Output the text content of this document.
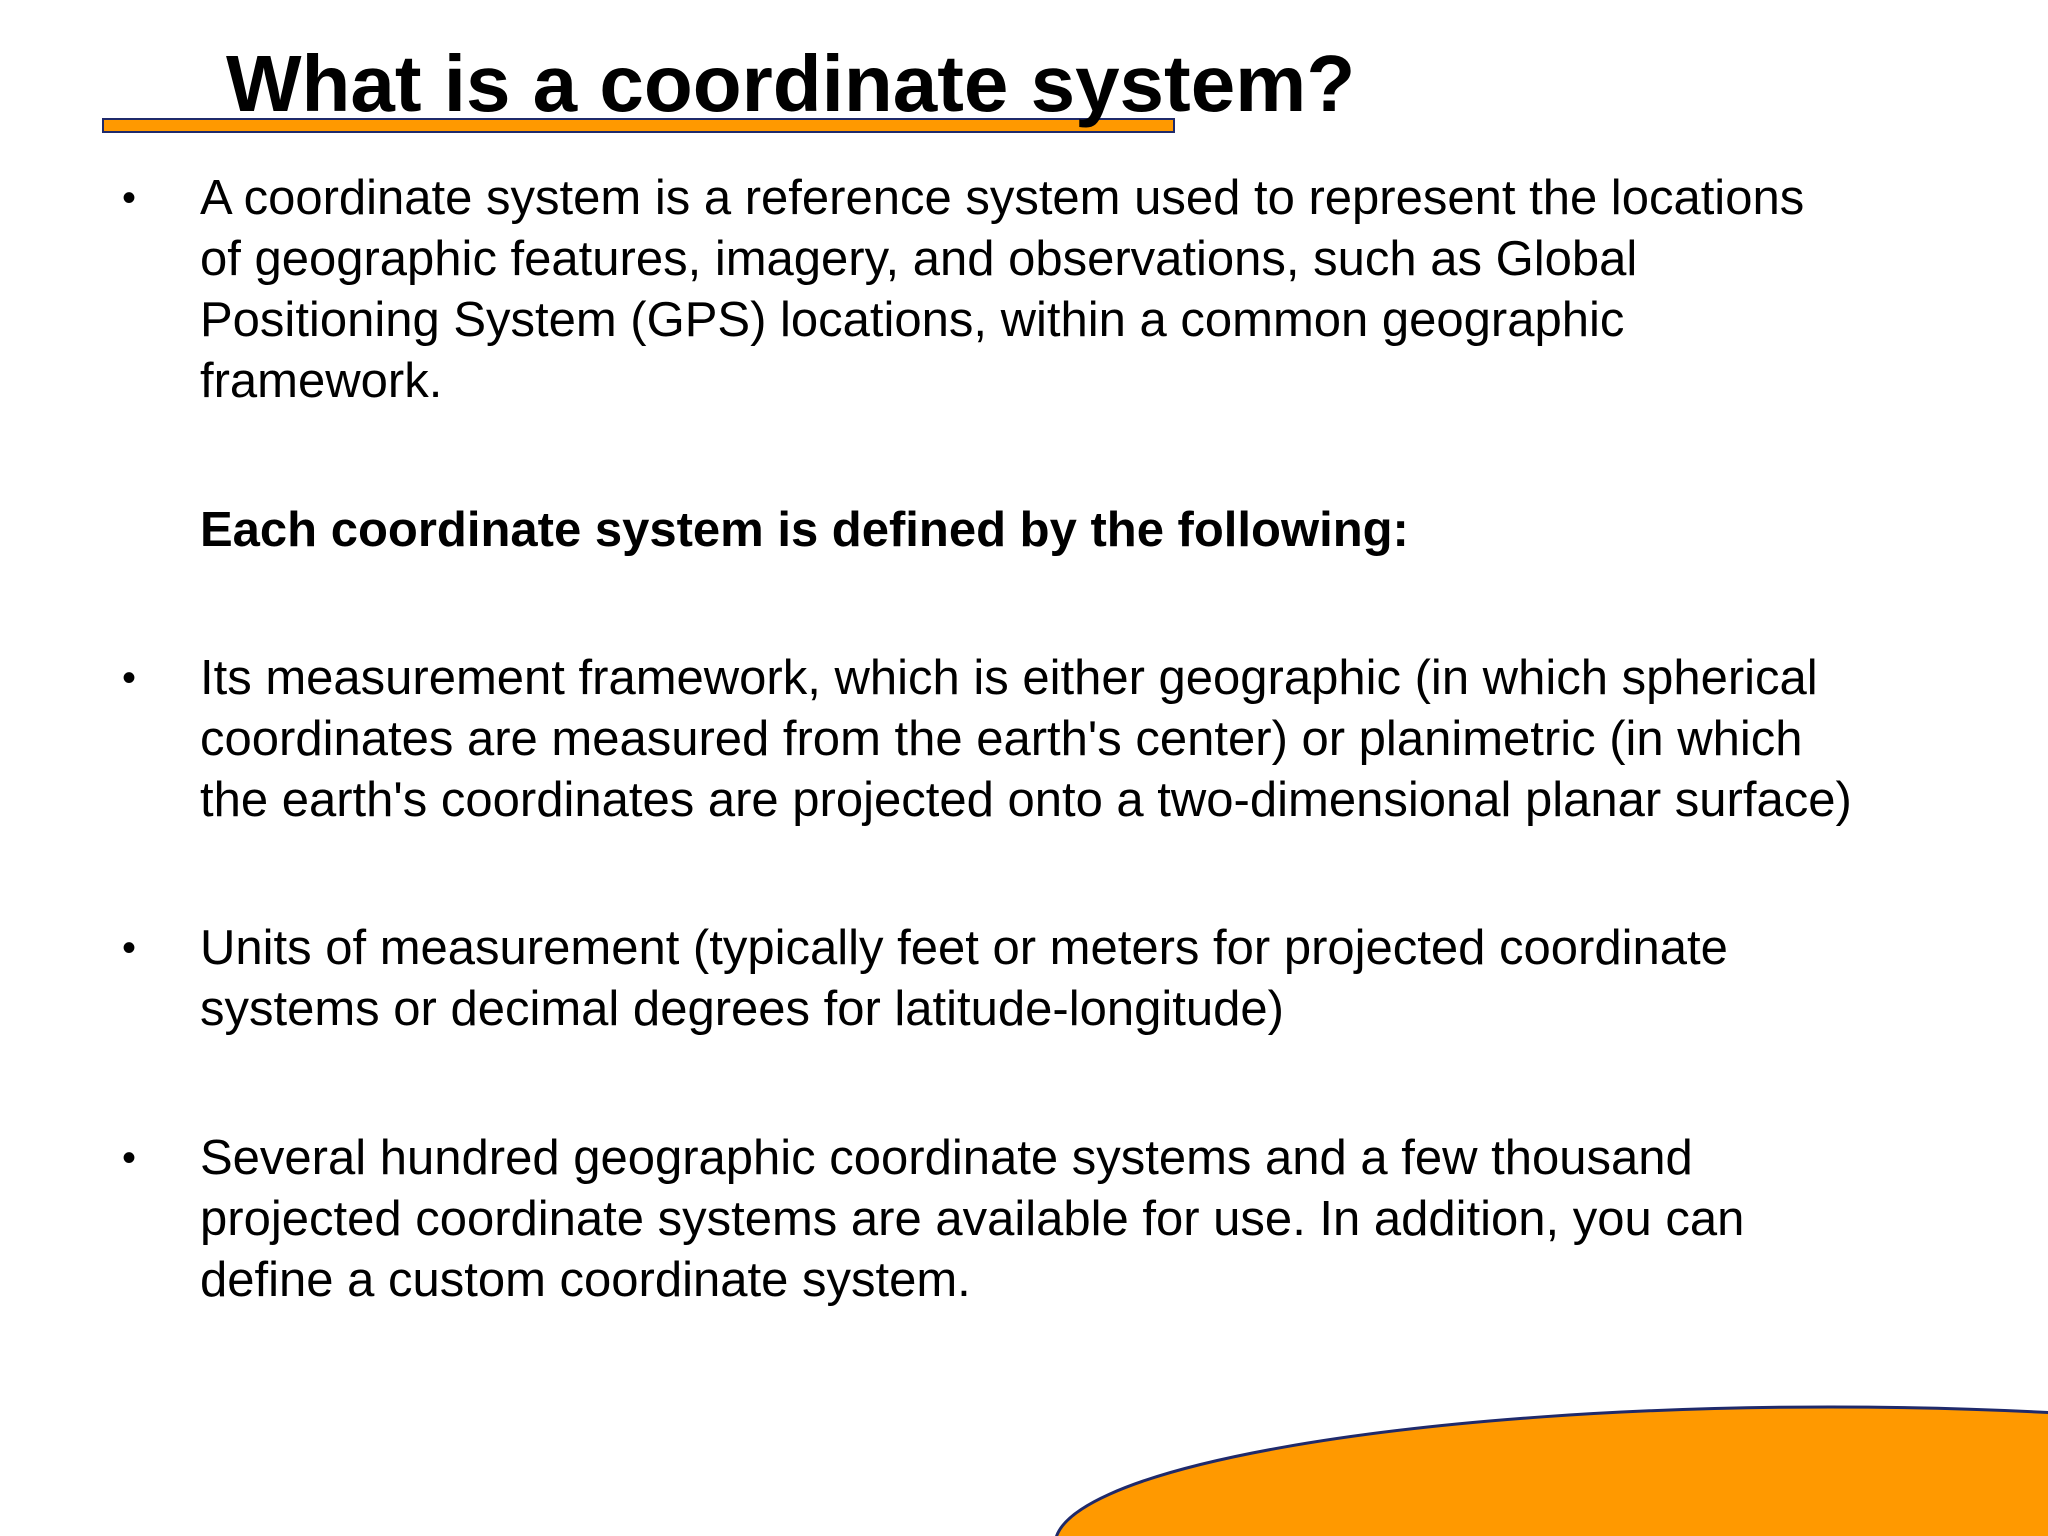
What is a coordinate system?
• A coordinate system is a reference system used to represent the locations
of geographic features, imagery, and observations, such as Global
Positioning System (GPS) locations, within a common geographic
framework.
Each coordinate system is defined by the following:
• Its measurement framework, which is either geographic (in which spherical
coordinates are measured from the earth's center) or planimetric (in which
the earth's coordinates are projected onto a two-dimensional planar surface)
• Units of measurement (typically feet or meters for projected coordinate
systems or decimal degrees for latitude-longitude)
• Several hundred geographic coordinate systems and a few thousand
projected coordinate systems are available for use. In addition, you can
define a custom coordinate system.
